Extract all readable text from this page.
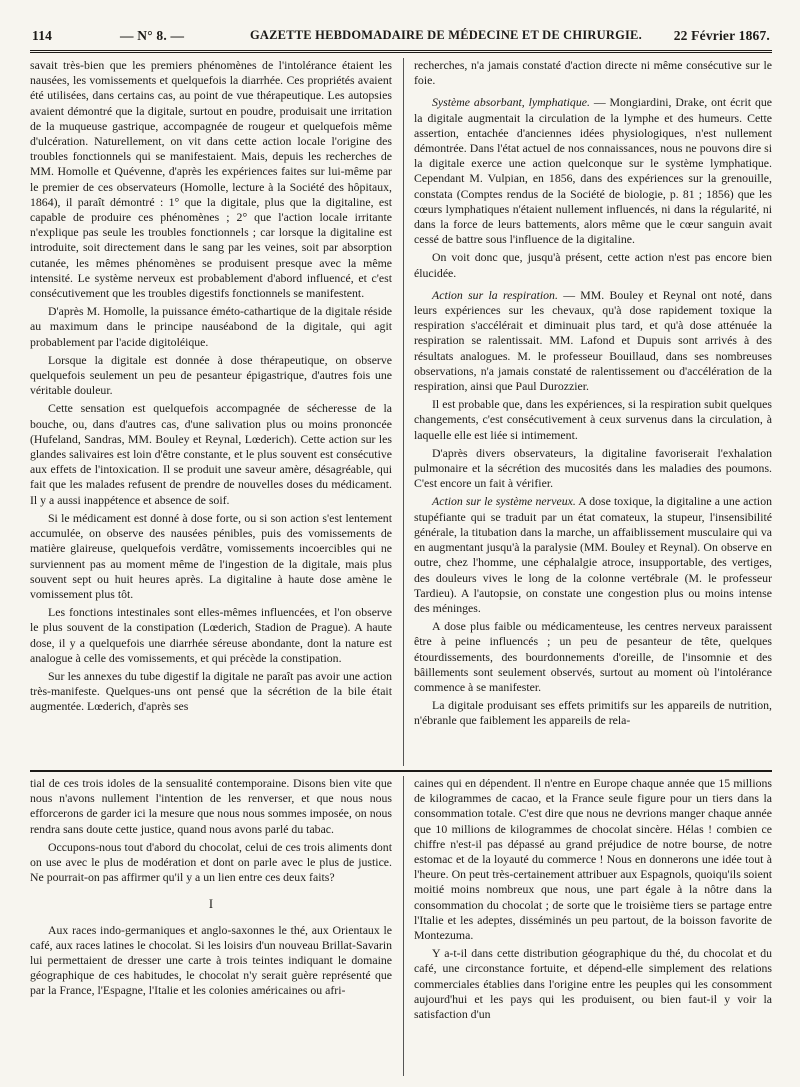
114	— N° 8. —	GAZETTE HEBDOMADAIRE DE MÉDECINE ET DE CHIRURGIE. 22 Février 1867.

savait très-bien que les premiers phénomènes de l'intolérance étaient les nausées, les vomissements et quelquefois la diarrhée. Ces propriétés avaient été utilisées, dans certains cas, au point de vue thérapeutique. Les autopsies avaient démontré que la digitale, surtout en poudre, produisait une irritation de la muqueuse gastrique, accompagnée de rougeur et quelquefois même d'ulcération. Naturellement, on vit dans cette action locale l'origine des troubles fonctionnels qui se manifestaient. Mais, depuis les recherches de MM. Homolle et Quévenne, d'après les expériences faites sur lui-même par le premier de ces observateurs (Homolle, lecture à la Société des hôpitaux, 1864), il paraît démontré : 1° que la digitale, plus que la digitaline, est capable de produire ces phénomènes ; 2° que l'action locale irritante n'explique pas seule les troubles fonctionnels ; car lorsque la digitaline est introduite, soit directement dans le sang par les veines, soit par absorption cutanée, les mêmes phénomènes se produisent presque avec la même intensité. Le système nerveux est probablement d'abord influencé, et c'est consécutivement que les troubles digestifs fonctionnels se manifestent.

D'après M. Homolle, la puissance éméto-cathartique de la digitale réside au maximum dans le principe nauséabond de la digitale, qui agit probablement par l'acide digitoléique.

Lorsque la digitale est donnée à dose thérapeutique, on observe quelquefois seulement un peu de pesanteur épigastrique, d'autres fois une véritable douleur.

Cette sensation est quelquefois accompagnée de sécheresse de la bouche, ou, dans d'autres cas, d'une salivation plus ou moins prononcée (Hufeland, Sandras, MM. Bouley et Reynal, Lœderich). Cette action sur les glandes salivaires est loin d'être constante, et le plus souvent est consécutive aux effets de l'intoxication. Il se produit une saveur amère, désagréable, qui fait que les malades refusent de prendre de nouvelles doses du médicament. Il y a aussi inappétence et absence de soif.

Si le médicament est donné à dose forte, ou si son action s'est lentement accumulée, on observe des nausées pénibles, puis des vomissements de matière glaireuse, quelquefois verdâtre, vomissements incoercibles qui ne surviennent pas au moment même de l'ingestion de la digitale, mais plus souvent sept ou huit heures après. La digitaline à haute dose amène le vomissement plus tôt.

Les fonctions intestinales sont elles-mêmes influencées, et l'on observe le plus souvent de la constipation (Lœderich, Stadion de Prague). A haute dose, il y a quelquefois une diarrhée séreuse abondante, dont la nature est analogue à celle des vomissements, et qui précède la constipation.

Sur les annexes du tube digestif la digitale ne paraît pas avoir une action très-manifeste. Quelques-uns ont pensé que la sécrétion de la bile était augmentée. Lœderich, d'après ses

recherches, n'a jamais constaté d'action directe ni même consécutive sur le foie.

Système absorbant, lymphatique. — Mongiardini, Drake, ont écrit que la digitale augmentait la circulation de la lymphe et des humeurs. Cette assertion, entachée d'anciennes idées physiologiques, n'est nullement démontrée. Dans l'état actuel de nos connaissances, nous ne pouvons dire si la digitale exerce une action quelconque sur le système lymphatique. Cependant M. Vulpian, en 1856, dans des expériences sur la grenouille, constata (Comptes rendus de la Société de biologie, p. 81 ; 1856) que les cœurs lymphatiques n'étaient nullement influencés, ni dans la régularité, ni dans la force de leurs battements, alors même que le cœur sanguin avait cessé de battre sous l'influence de la digitaline.

On voit donc que, jusqu'à présent, cette action n'est pas encore bien élucidée.

Action sur la respiration. — MM. Bouley et Reynal ont noté, dans leurs expériences sur les chevaux, qu'à dose rapidement toxique la respiration s'accélérait et diminuait plus tard, et qu'à dose atténuée la respiration se ralentissait. MM. Lafond et Dupuis sont arrivés à des résultats analogues. M. le professeur Bouillaud, dans ses nombreuses observations, n'a jamais constaté de ralentissement ou d'accélération de la respiration, ainsi que Paul Durozzier.

Il est probable que, dans les expériences, si la respiration subit quelques changements, c'est consécutivement à ceux survenus dans la circulation, à laquelle elle est liée si intimement.

D'après divers observateurs, la digitaline favoriserait l'exhalation pulmonaire et la sécrétion des mucosités dans les maladies des poumons. C'est encore un fait à vérifier.

Action sur le système nerveux. A dose toxique, la digitaline a une action stupéfiante qui se traduit par un état comateux, la stupeur, l'insensibilité générale, la titubation dans la marche, un affaiblissement musculaire qui va en augmentant jusqu'à la paralysie (MM. Bouley et Reynal). On observe en outre, chez l'homme, une céphalalgie atroce, insupportable, des vertiges, des douleurs vives le long de la colonne vertébrale (M. le professeur Tardieu). A l'autopsie, on constate une congestion plus ou moins intense des méninges.

A dose plus faible ou médicamenteuse, les centres nerveux paraissent être à peine influencés ; un peu de pesanteur de tête, quelques étourdissements, des bourdonnements d'oreille, de l'insomnie et des bâillements sont seulement observés, surtout au moment où l'intolérance commence à se manifester.

La digitale produisant ses effets primitifs sur les appareils de nutrition, n'ébranle que faiblement les appareils de rela-

tial de ces trois idoles de la sensualité contemporaine. Disons bien vite que nous n'avons nullement l'intention de les renverser, et que nous nous efforcerons de garder ici la mesure que nous nous sommes imposée, on nous rendra sans doute cette justice, quand nous avons parlé du tabac.

Occupons-nous tout d'abord du chocolat, celui de ces trois aliments dont on use avec le plus de modération et dont on parle avec le plus de justice. Ne pourrait-on pas affirmer qu'il y a un lien entre ces deux faits?

I

Aux races indo-germaniques et anglo-saxonnes le thé, aux Orientaux le café, aux races latines le chocolat. Si les loisirs d'un nouveau Brillat-Savarin lui permettaient de dresser une carte à trois teintes indiquant le domaine géographique de ces habitudes, le chocolat n'y serait guère représenté que par la France, l'Espagne, l'Italie et les colonies américaines ou afri-

caines qui en dépendent. Il n'entre en Europe chaque année que 15 millions de kilogrammes de cacao, et la France seule figure pour un tiers dans la consommation totale. C'est dire que nous ne devrions manger chaque année que 10 millions de kilogrammes de chocolat sincère. Hélas ! combien ce chiffre n'est-il pas dépassé au grand préjudice de notre bourse, de notre estomac et de la loyauté du commerce ! Nous en donnerons une idée tout à l'heure. On peut très-certainement attribuer aux Espagnols, quoiqu'ils soient moitié moins nombreux que nous, une part égale à la nôtre dans la consommation du chocolat ; de sorte que le troisième tiers se partage entre l'Italie et les adeptes, disséminés un peu partout, de la boisson favorite de Montezuma.

Y a-t-il dans cette distribution géographique du thé, du chocolat et du café, une circonstance fortuite, et dépend-elle simplement des relations commerciales établies dans l'origine entre les peuples qui les consomment aujourd'hui et les pays qui les produisent, ou bien faut-il y voir la satisfaction d'un
